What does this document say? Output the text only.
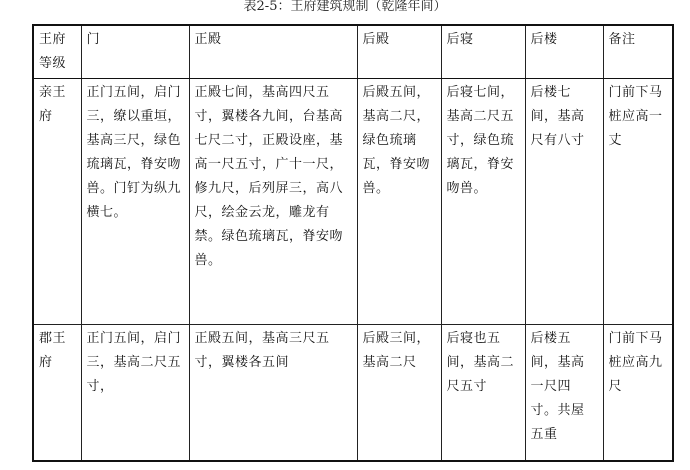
表2-5：王府建筑规制（乾隆年间）
王府等级	门	正殿	后殿	后寝	后楼	备注
亲王府	正门五间，启门三，缭以重垣，基高三尺，绿色琉璃瓦，脊安吻兽。门钉为纵九横七。	正殿七间，基高四尺五寸，翼楼各九间，台基高七尺二寸，正殿设座，基高一尺五寸，广十一尺，修九尺，后列屏三，高八尺，绘金云龙，雕龙有禁。绿色琉璃瓦，脊安吻兽。	后殿五间，基高二尺，绿色琉璃瓦，脊安吻兽。	后寝七间，基高二尺五寸，绿色琉璃瓦，脊安吻兽。	后楼七间，基高尺有八寸	门前下马桩应高一丈
郡王府	正门五间，启门三，基高二尺五寸，	正殿五间，基高三尺五寸，翼楼各五间	后殿三间，基高二尺	后寝也五间，基高二尺五寸	后楼五间，基高一尺四寸。共屋五重	门前下马桩应高九尺
